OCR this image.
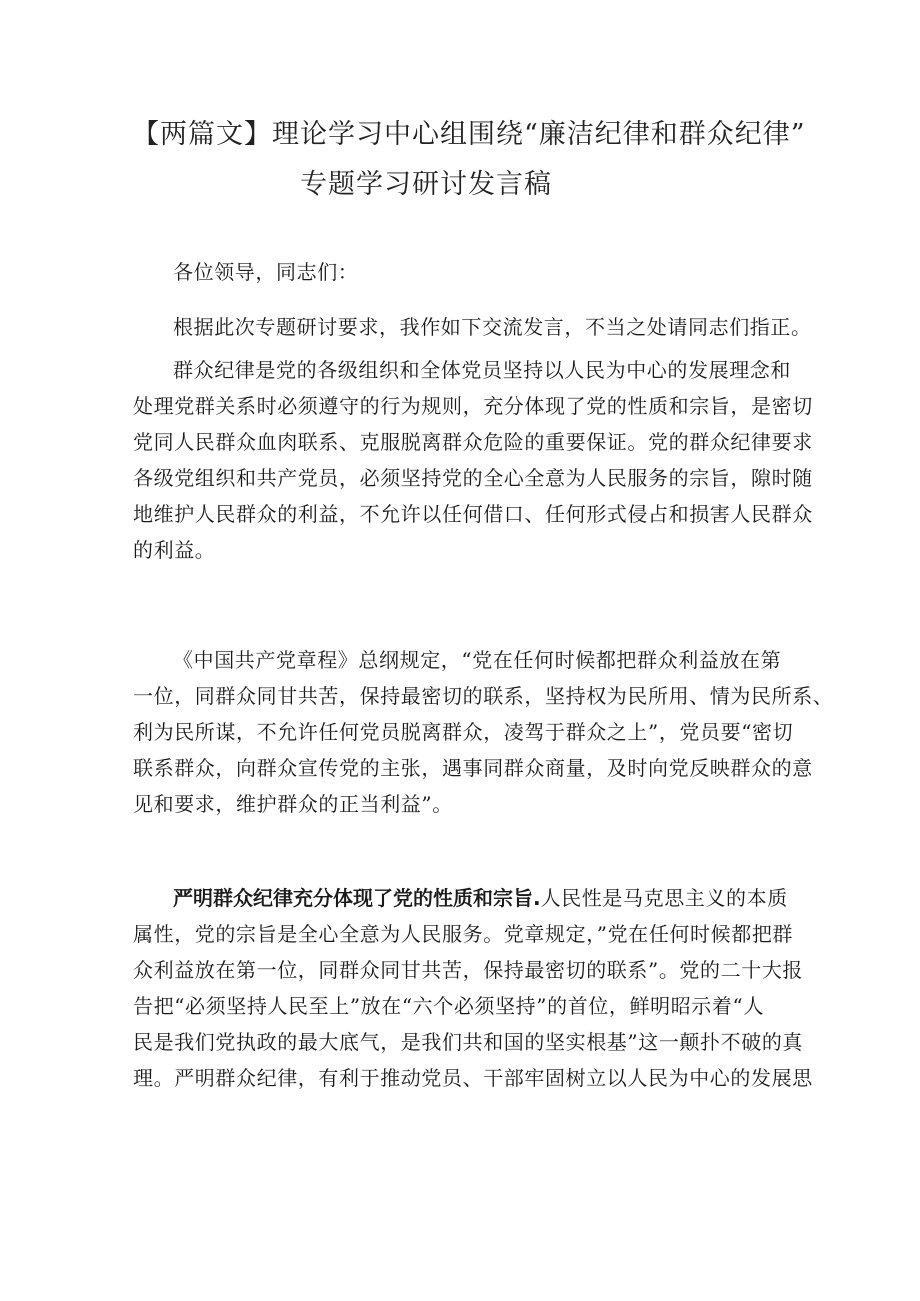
【两篇文】理论学习中心组围绕“廉洁纪律和群众纪律”
专题学习研讨发言稿
各位领导，同志们：
根据此次专题研讨要求，我作如下交流发言，不当之处请同志们指正。
群众纪律是党的各级组织和全体党员坚持以人民为中心的发展理念和
处理党群关系时必须遵守的行为规则，充分体现了党的性质和宗旨，是密切
党同人民群众血肉联系、克服脱离群众危险的重要保证。党的群众纪律要求
各级党组织和共产党员，必须坚持党的全心全意为人民服务的宗旨，隙时随
地维护人民群众的利益，不允许以任何借口、任何形式侵占和损害人民群众
的利益。
《中国共产党章程》总纲规定，“党在任何时候都把群众利益放在第
一位，同群众同甘共苦，保持最密切的联系，坚持权为民所用、情为民所系、
利为民所谋，不允许任何党员脱离群众，凌驾于群众之上”，党员要“密切
联系群众，向群众宣传党的主张，遇事同群众商量，及时向党反映群众的意
见和要求，维护群众的正当利益”。
严明群众纪律充分体现了党的性质和宗旨.人民性是马克思主义的本质
属性，党的宗旨是全心全意为人民服务。党章规定，”党在任何时候都把群
众利益放在第一位，同群众同甘共苦，保持最密切的联系”。党的二十大报
告把“必须坚持人民至上”放在“六个必须坚持”的首位，鲜明昭示着“人
民是我们党执政的最大底气，是我们共和国的坚实根基”这一颠扑不破的真
理。严明群众纪律，有利于推动党员、干部牢固树立以人民为中心的发展思
